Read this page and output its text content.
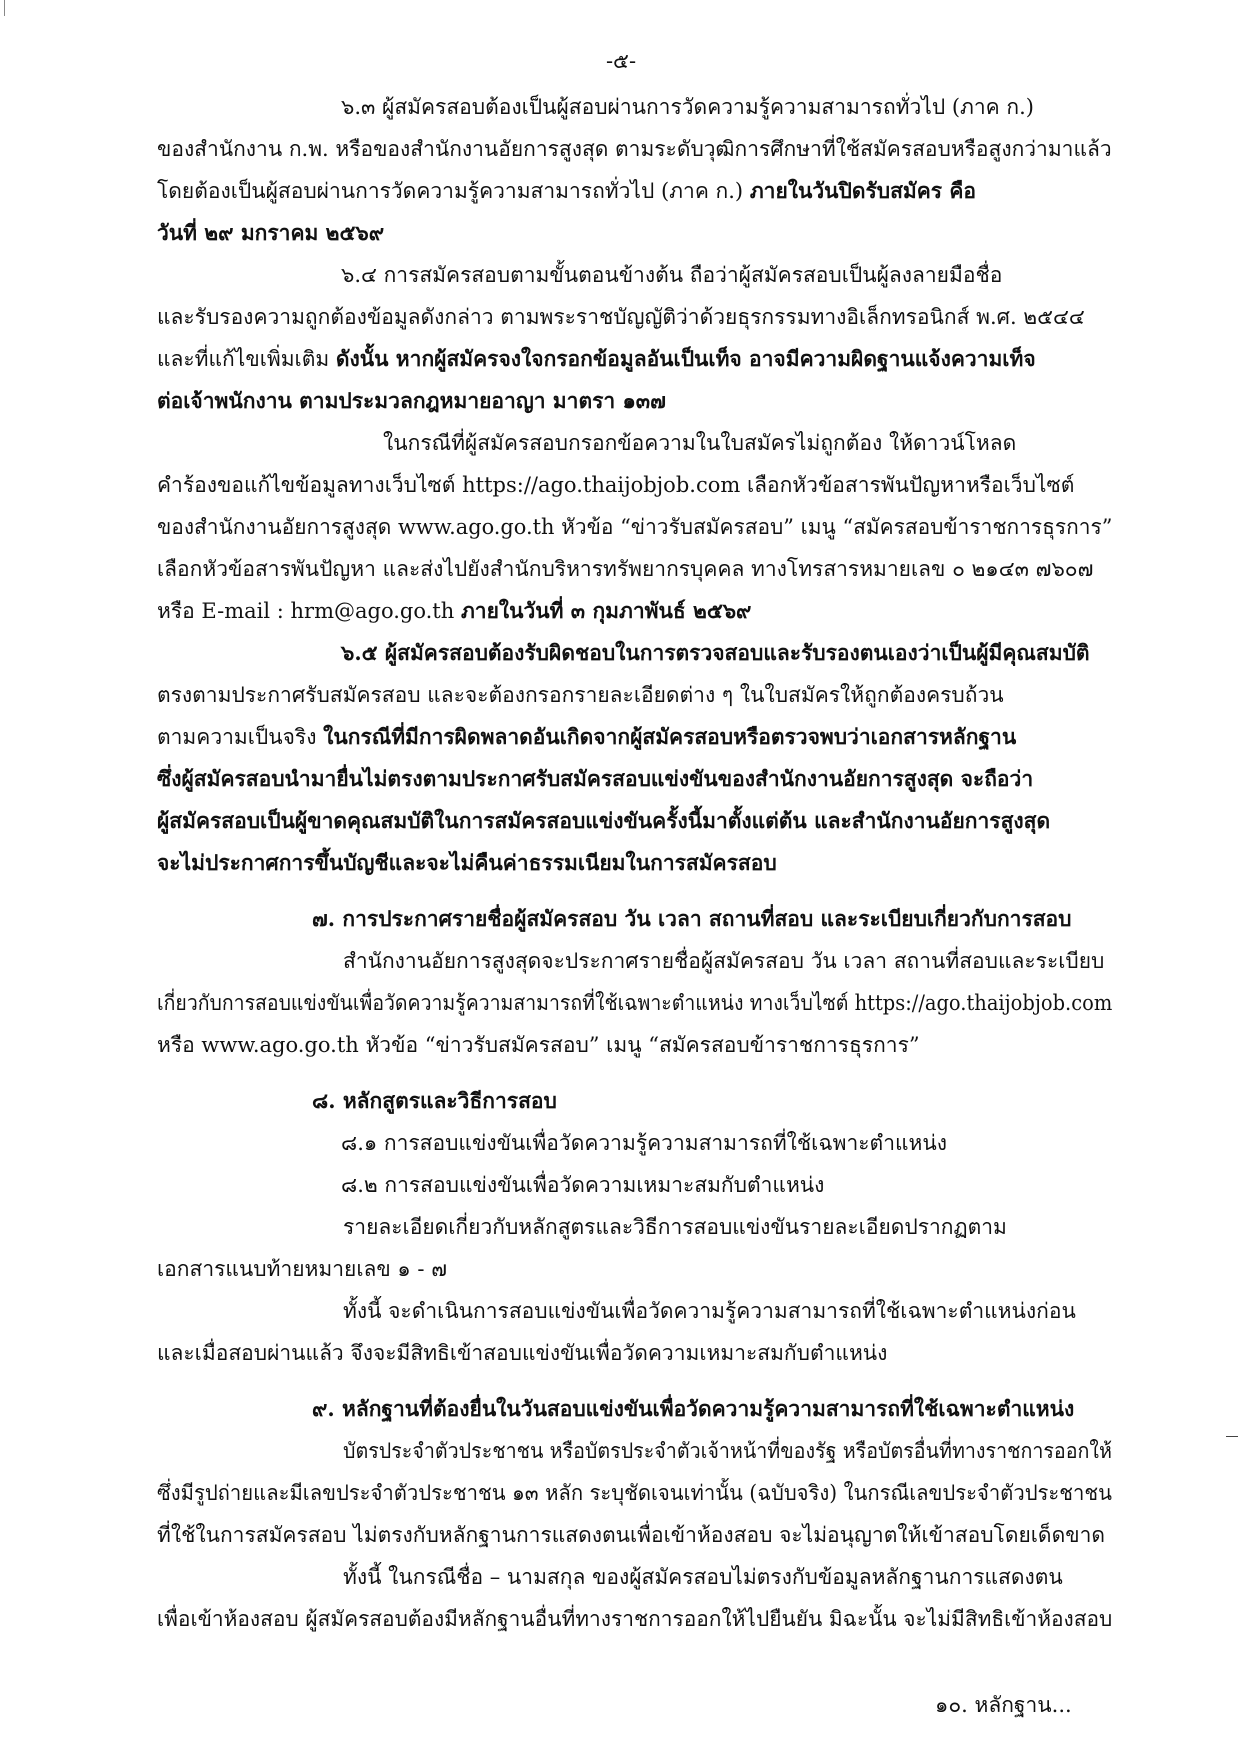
-๕-
๖.๓ ผู้สมัครสอบต้องเป็นผู้สอบผ่านการวัดความรู้ความสามารถทั่วไป (ภาค ก.)
ของสำนักงาน ก.พ. หรือของสำนักงานอัยการสูงสุด ตามระดับวุฒิการศึกษาที่ใช้สมัครสอบหรือสูงกว่ามาแล้ว
โดยต้องเป็นผู้สอบผ่านการวัดความรู้ความสามารถทั่วไป (ภาค ก.) ภายในวันปิดรับสมัคร คือ
วันที่ ๒๙ มกราคม ๒๕๖๙
๖.๔ การสมัครสอบตามขั้นตอนข้างต้น ถือว่าผู้สมัครสอบเป็นผู้ลงลายมือชื่อ
และรับรองความถูกต้องข้อมูลดังกล่าว ตามพระราชบัญญัติว่าด้วยธุรกรรมทางอิเล็กทรอนิกส์ พ.ศ. ๒๕๔๔
และที่แก้ไขเพิ่มเติม ดังนั้น หากผู้สมัครจงใจกรอกข้อมูลอันเป็นเท็จ อาจมีความผิดฐานแจ้งความเท็จ
ต่อเจ้าพนักงาน ตามประมวลกฎหมายอาญา มาตรา ๑๓๗
ในกรณีที่ผู้สมัครสอบกรอกข้อความในใบสมัครไม่ถูกต้อง ให้ดาวน์โหลด
คำร้องขอแก้ไขข้อมูลทางเว็บไซต์ https://ago.thaijobjob.com เลือกหัวข้อสารพันปัญหาหรือเว็บไซต์
ของสำนักงานอัยการสูงสุด www.ago.go.th หัวข้อ “ข่าวรับสมัครสอบ” เมนู “สมัครสอบข้าราชการธุรการ”
เลือกหัวข้อสารพันปัญหา และส่งไปยังสำนักบริหารทรัพยากรบุคคล ทางโทรสารหมายเลข ๐ ๒๑๔๓ ๗๖๐๗
หรือ E-mail : hrm@ago.go.th ภายในวันที่ ๓ กุมภาพันธ์ ๒๕๖๙
๖.๕ ผู้สมัครสอบต้องรับผิดชอบในการตรวจสอบและรับรองตนเองว่าเป็นผู้มีคุณสมบัติ
ตรงตามประกาศรับสมัครสอบ และจะต้องกรอกรายละเอียดต่าง ๆ ในใบสมัครให้ถูกต้องครบถ้วน
ตามความเป็นจริง ในกรณีที่มีการผิดพลาดอันเกิดจากผู้สมัครสอบหรือตรวจพบว่าเอกสารหลักฐาน
ซึ่งผู้สมัครสอบนำมายื่นไม่ตรงตามประกาศรับสมัครสอบแข่งขันของสำนักงานอัยการสูงสุด จะถือว่า
ผู้สมัครสอบเป็นผู้ขาดคุณสมบัติในการสมัครสอบแข่งขันครั้งนี้มาตั้งแต่ต้น และสำนักงานอัยการสูงสุด
จะไม่ประกาศการขึ้นบัญชีและจะไม่คืนค่าธรรมเนียมในการสมัครสอบ
๗. การประกาศรายชื่อผู้สมัครสอบ วัน เวลา สถานที่สอบ และระเบียบเกี่ยวกับการสอบ
สำนักงานอัยการสูงสุดจะประกาศรายชื่อผู้สมัครสอบ วัน เวลา สถานที่สอบและระเบียบ
เกี่ยวกับการสอบแข่งขันเพื่อวัดความรู้ความสามารถที่ใช้เฉพาะตำแหน่ง ทางเว็บไซต์ https://ago.thaijobjob.com
หรือ www.ago.go.th หัวข้อ “ข่าวรับสมัครสอบ” เมนู “สมัครสอบข้าราชการธุรการ”
๘. หลักสูตรและวิธีการสอบ
๘.๑ การสอบแข่งขันเพื่อวัดความรู้ความสามารถที่ใช้เฉพาะตำแหน่ง
๘.๒ การสอบแข่งขันเพื่อวัดความเหมาะสมกับตำแหน่ง
รายละเอียดเกี่ยวกับหลักสูตรและวิธีการสอบแข่งขันรายละเอียดปรากฏตาม
เอกสารแนบท้ายหมายเลข ๑ - ๗
ทั้งนี้ จะดำเนินการสอบแข่งขันเพื่อวัดความรู้ความสามารถที่ใช้เฉพาะตำแหน่งก่อน
และเมื่อสอบผ่านแล้ว จึงจะมีสิทธิเข้าสอบแข่งขันเพื่อวัดความเหมาะสมกับตำแหน่ง
๙. หลักฐานที่ต้องยื่นในวันสอบแข่งขันเพื่อวัดความรู้ความสามารถที่ใช้เฉพาะตำแหน่ง
บัตรประจำตัวประชาชน หรือบัตรประจำตัวเจ้าหน้าที่ของรัฐ หรือบัตรอื่นที่ทางราชการออกให้
ซึ่งมีรูปถ่ายและมีเลขประจำตัวประชาชน ๑๓ หลัก ระบุชัดเจนเท่านั้น (ฉบับจริง) ในกรณีเลขประจำตัวประชาชน
ที่ใช้ในการสมัครสอบ ไม่ตรงกับหลักฐานการแสดงตนเพื่อเข้าห้องสอบ จะไม่อนุญาตให้เข้าสอบโดยเด็ดขาด
ทั้งนี้ ในกรณีชื่อ – นามสกุล ของผู้สมัครสอบไม่ตรงกับข้อมูลหลักฐานการแสดงตน
เพื่อเข้าห้องสอบ ผู้สมัครสอบต้องมีหลักฐานอื่นที่ทางราชการออกให้ไปยืนยัน มิฉะนั้น จะไม่มีสิทธิเข้าห้องสอบ
๑๐. หลักฐาน...
